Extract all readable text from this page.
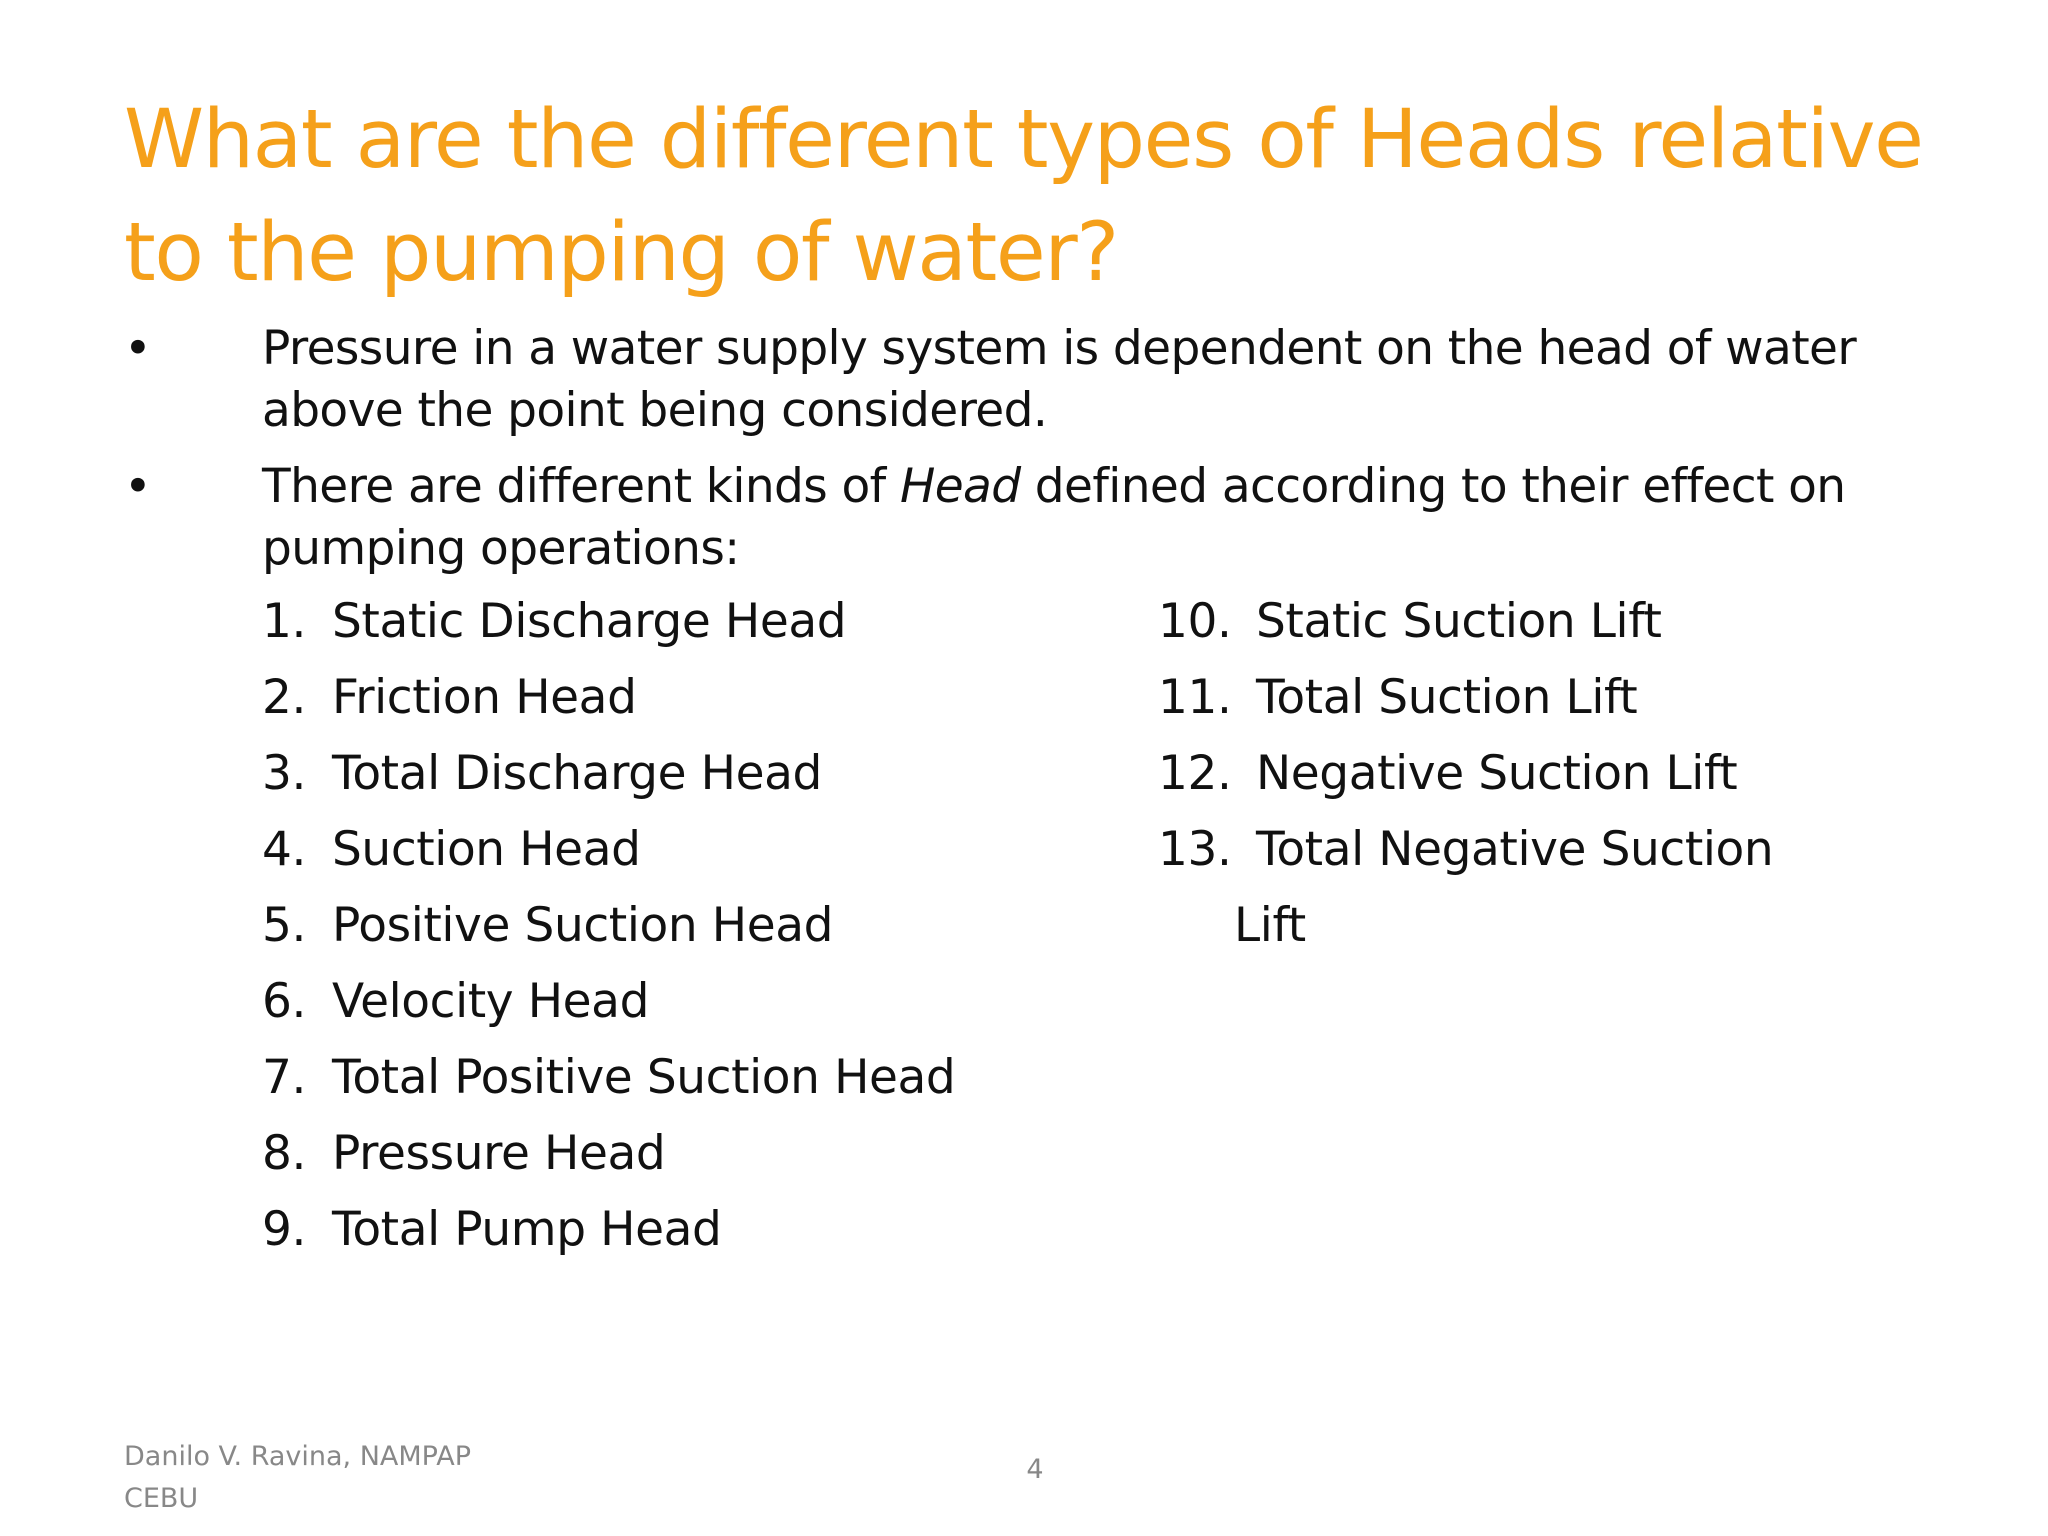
What are the different types of Heads relative to the pumping of water?
• Pressure in a water supply system is dependent on the head of water above the point being considered.
• There are different kinds of Head defined according to their effect on pumping operations:
1. Static Discharge Head
2. Friction Head
3. Total Discharge Head
4. Suction Head
5. Positive Suction Head
6. Velocity Head
7. Total Positive Suction Head
8. Pressure Head
9. Total Pump Head
10. Static Suction Lift
11. Total Suction Lift
12. Negative Suction Lift
13. Total Negative Suction
Lift
Danilo V. Ravina, NAMPAP
CEBU
4
